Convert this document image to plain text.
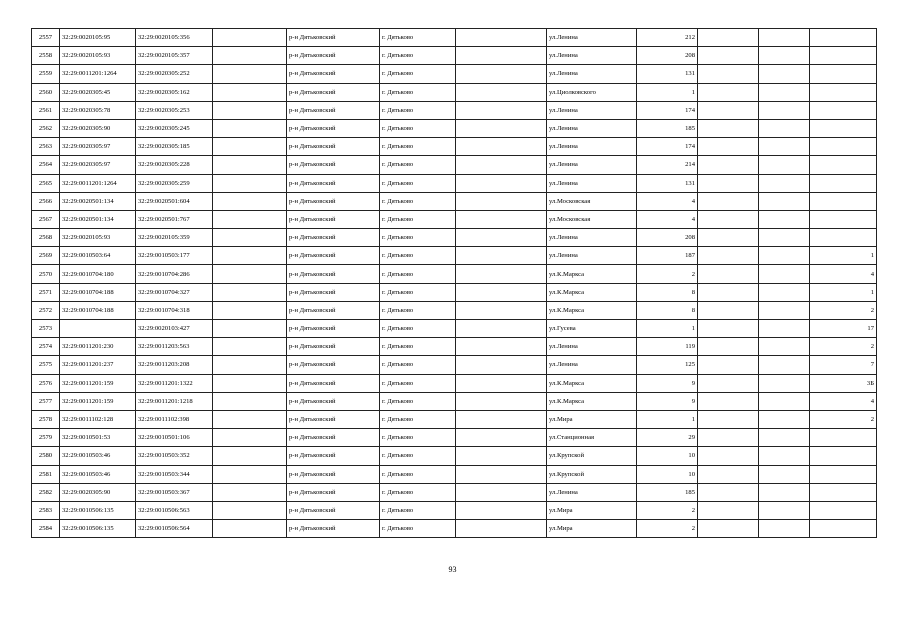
2557	32:29:0020105:95	32:29:0020105:356		р-н Дятьковский	г. Дятьково		ул.Ленина	212			
2558	32:29:0020105:93	32:29:0020105:357		р-н Дятьковский	г. Дятьково		ул.Ленина	208			
2559	32:29:0011201:1264	32:29:0020305:252		р-н Дятьковский	г. Дятьково		ул.Ленина	131			
2560	32:29:0020305:45	32:29:0020305:162		р-н Дятьковский	г. Дятьково		ул.Циолковского	1			
2561	32:29:0020305:78	32:29:0020305:253		р-н Дятьковский	г. Дятьково		ул.Ленина	174			
2562	32:29:0020305:90	32:29:0020305:245		р-н Дятьковский	г. Дятьково		ул.Ленина	185			
2563	32:29:0020305:97	32:29:0020305:185		р-н Дятьковский	г. Дятьково		ул.Ленина	174			
2564	32:29:0020305:97	32:29:0020305:228		р-н Дятьковский	г. Дятьково		ул.Ленина	214			
2565	32:29:0011201:1264	32:29:0020305:259		р-н Дятьковский	г. Дятьково		ул.Ленина	131			
2566	32:29:0020501:134	32:29:0020501:604		р-н Дятьковский	г. Дятьково		ул.Московская	4			
2567	32:29:0020501:134	32:29:0020501:767		р-н Дятьковский	г. Дятьково		ул.Московская	4			
2568	32:29:0020105:93	32:29:0020105:359		р-н Дятьковский	г. Дятьково		ул.Ленина	208			
2569	32:29:0010503:64	32:29:0010503:177		р-н Дятьковский	г. Дятьково		ул.Ленина	187			1
2570	32:29:0010704:180	32:29:0010704:286		р-н Дятьковский	г. Дятьково		ул.К.Маркса	2			4
2571	32:29:0010704:188	32:29:0010704:327		р-н Дятьковский	г. Дятьково		ул.К.Маркса	8			1
2572	32:29:0010704:188	32:29:0010704:318		р-н Дятьковский	г. Дятьково		ул.К.Маркса	8			2
2573		32:29:0020103:427		р-н Дятьковский	г. Дятьково		ул.Гусева	1			17
2574	32:29:0011201:230	32:29:0011203:563		р-н Дятьковский	г. Дятьково		ул.Ленина	119			2
2575	32:29:0011201:237	32:29:0011203:208		р-н Дятьковский	г. Дятьково		ул.Ленина	125			7
2576	32:29:0011201:159	32:29:0011201:1322		р-н Дятьковский	г. Дятьково		ул.К.Маркса	9			3Б
2577	32:29:0011201:159	32:29:0011201:1218		р-н Дятьковский	г. Дятьково		ул.К.Маркса	9			4
2578	32:29:0011102:128	32:29:0011102:398		р-н Дятьковский	г. Дятьково		ул.Мира	1			2
2579	32:29:0010501:53	32:29:0010501:106		р-н Дятьковский	г. Дятьково		ул.Станционная	29			
2580	32:29:0010503:46	32:29:0010503:352		р-н Дятьковский	г. Дятьково		ул.Крупской	10			
2581	32:29:0010503:46	32:29:0010503:344		р-н Дятьковский	г. Дятьково		ул.Крупской	10			
2582	32:29:0020305:90	32:29:0010503:367		р-н Дятьковский	г. Дятьково		ул.Ленина	185			
2583	32:29:0010506:135	32:29:0010506:563		р-н Дятьковский	г. Дятьково		ул.Мира	2			
2584	32:29:0010506:135	32:29:0010506:564		р-н Дятьковский	г. Дятьково		ул.Мира	2			
93
